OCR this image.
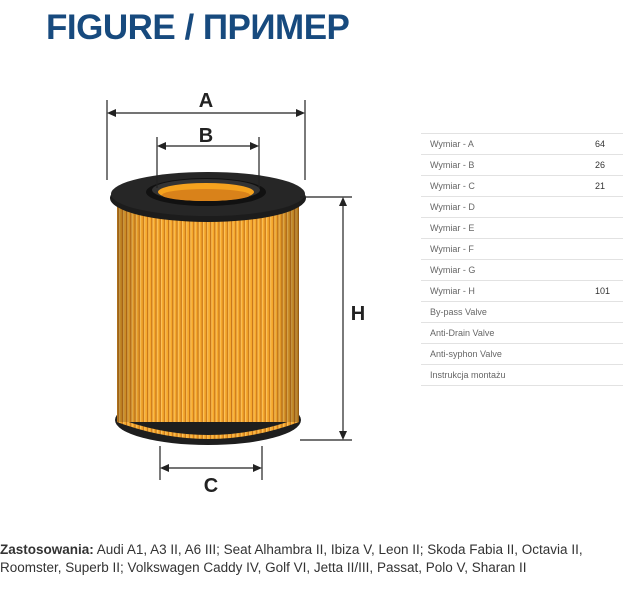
FIGURE / ПРИМЕР
A
B
H
C
Wymiar - A	64
Wymiar - B	26
Wymiar - C	21
Wymiar - D	
Wymiar - E	
Wymiar - F	
Wymiar - G	
Wymiar - H	101
By-pass Valve	
Anti-Drain Valve	
Anti-syphon Valve	
Instrukcja montażu	
Zastosowania: Audi A1, A3 II, A6 III; Seat Alhambra II, Ibiza V, Leon II; Skoda Fabia II, Octavia II, Roomster, Superb II; Volkswagen Caddy IV, Golf VI, Jetta II/III, Passat, Polo V, Sharan II
